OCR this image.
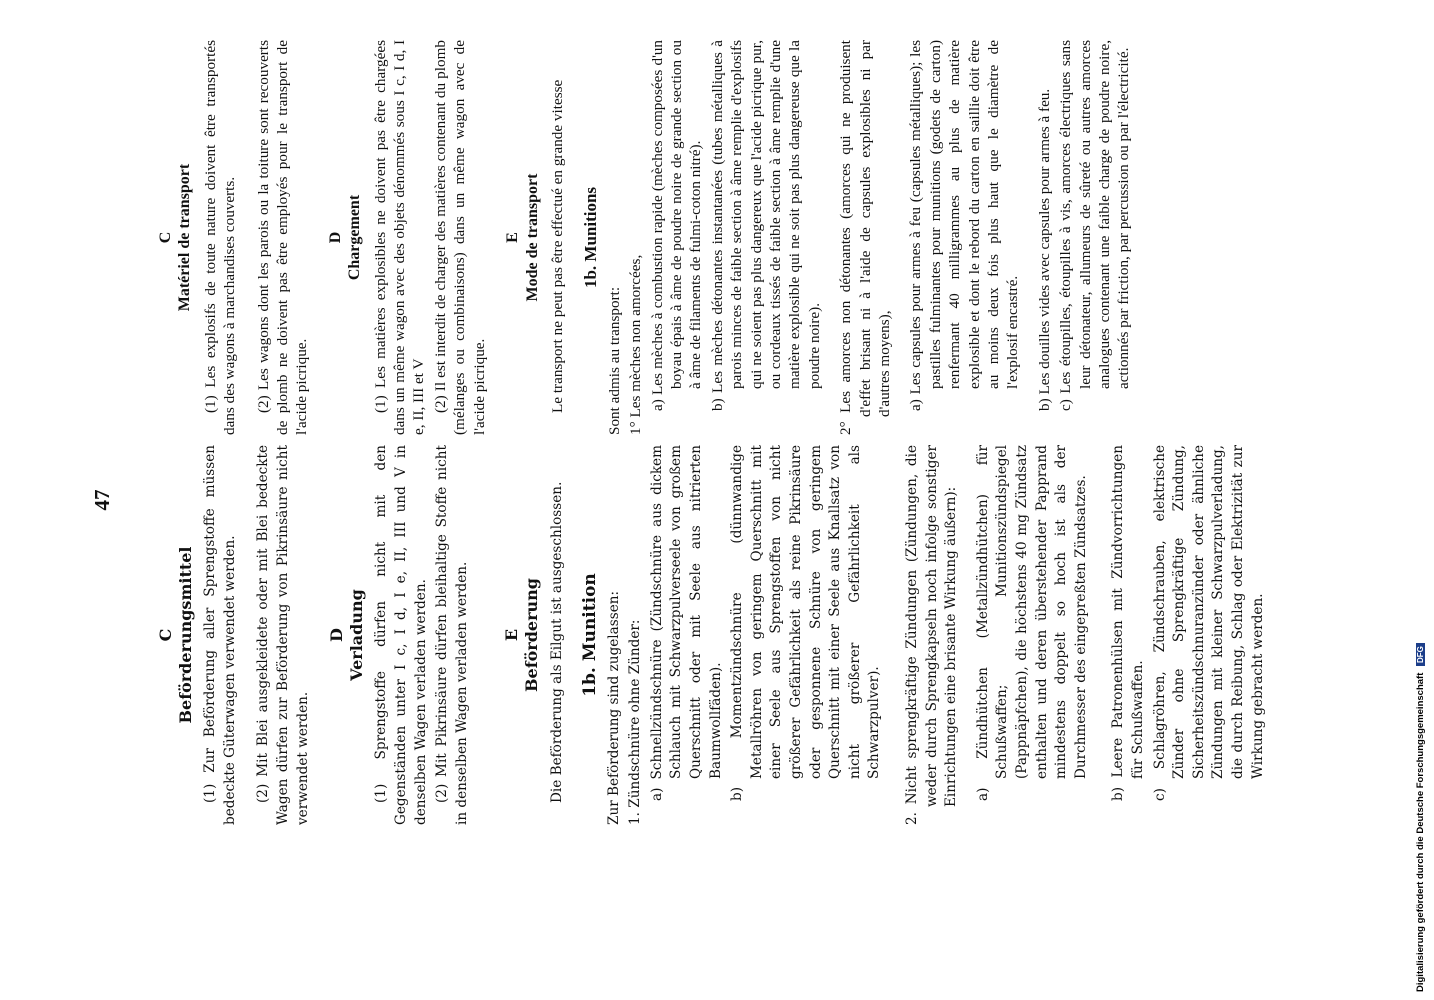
47
C Beförderungsmittel (1) Zur Beförderung aller Sprengstoffe müssen bedeckte Güterwagen verwendet werden. (2) Mit Blei ausgekleidete oder mit Blei bedeckte Wagen dürfen zur Beförderung von Pikrinsäure nicht verwendet werden.

D Verladung (1) Sprengstoffe dürfen nicht mit den Gegenständen unter I c, I d, I e, II, III und V in denselben Wagen verladen werden. (2) Mit Pikrinsäure dürfen bleihaltige Stoffe nicht in denselben Wagen verladen werden. E Beförderung Die Beförderung als Eilgut ist ausgeschlossen. 1b. Munition Zur Beförderung sind zugelassen: 1. Zündschnüre ohne Zünder: a) Schnellzündschnüre (Zündschnüre aus dickem Schlauch mit Schwarzpulverseele von großem Querschnitt oder mit Seele aus nitrierten Baumwollfäden). b) Momentzündschnüre (dünnwandige Metallröhren von geringem Querschnitt mit einer Seele aus Sprengstoffen von nicht größerer Gefährlichkeit als reine Pikrinsäure oder gesponnene Schnüre von geringem Querschnitt mit einer Seele aus Knallsatz von nicht größerer Gefährlichkeit als Schwarzpulver). 2. Nicht sprengkräftige Zündungen (Zündungen, die weder durch Sprengkapseln noch infolge sonstiger Einrichtungen eine brisante Wirkung äußern): a) Zündhütchen (Metallzündhütchen) für Schußwaffen; Munitionszündspiegel (Pappnäpfchen), die höchstens 40 mg Zündsatz enthalten und deren überstehender Papprand mindestens doppelt so hoch ist als der Durchmesser des eingepreßten Zündsatzes. b) Leere Patronenhülsen mit Zündvorrichtungen für Schußwaffen. c) Schlagröhren, Zündschrauben, elektrische Zünder ohne Sprengkräftige Zündung, Sicherheitszündschnuranzünder oder ähnliche Zündungen mit kleiner Schwarzpulverladung, die durch Reibung, Schlag oder Elektrizität zur Wirkung gebracht werden.

C Matériel de transport (1) Les explosifs de toute nature doivent être transportés dans des wagons à marchandises couverts. (2) Les wagons dont les parois ou la toiture sont recouverts de plomb ne doivent pas être employés pour le transport de l'acide picrique.

D Chargement (1) Les matières explosibles ne doivent pas être chargées dans un même wagon avec des objets dénommés sous I c, I d, I e, II, III et V (2) Il est interdit de charger des matières contenant du plomb (mélanges ou combinaisons) dans un même wagon avec de l'acide picrique.

E Mode de transport Le transport ne peut pas être effectué en grande vitesse 1b. Munitions

Sont admis au transport: 1° Les mèches non amorcées, a) Les mèches à combustion rapide (mèches composées d'un boyau épais à âme de poudre noire de grande section ou à âme de filaments de fulmi-coton nitré). b) Les mèches détonantes instantanées (tubes métalliques à parois minces de faible section à âme remplie d'explosifs qui ne soient pas plus dangereux que l'acide picrique pur, ou cordeaux tissés de faible section à âme remplie d'une matière explosible qui ne soit pas plus dangereuse que la poudre noire). 2° Les amorces non détonantes (amorces qui ne produisent d'effet brisant ni à l'aide de capsules explosibles ni par d'autres moyens), a) Les capsules pour armes à feu (capsules métalliques); les pastilles fulminantes pour munitions (godets de carton) renfermant 40 milligrammes au plus de matière explosible et dont le rebord du carton en saillie doit être au moins deux fois plus haut que le diamètre de l'explosif encastré. b) Les douilles vides avec capsules pour armes à feu. c) Les étoupilles, étoupilles à vis, amorces électriques sans leur détonateur, allumeurs de sûreté ou autres amorces analogues contenant une faible charge de poudre noire, actionnés par friction, par percussion ou par l'électricité.

Digitalisierung gefördert durch die Deutsche Forschungsgemeinschaft DFG
